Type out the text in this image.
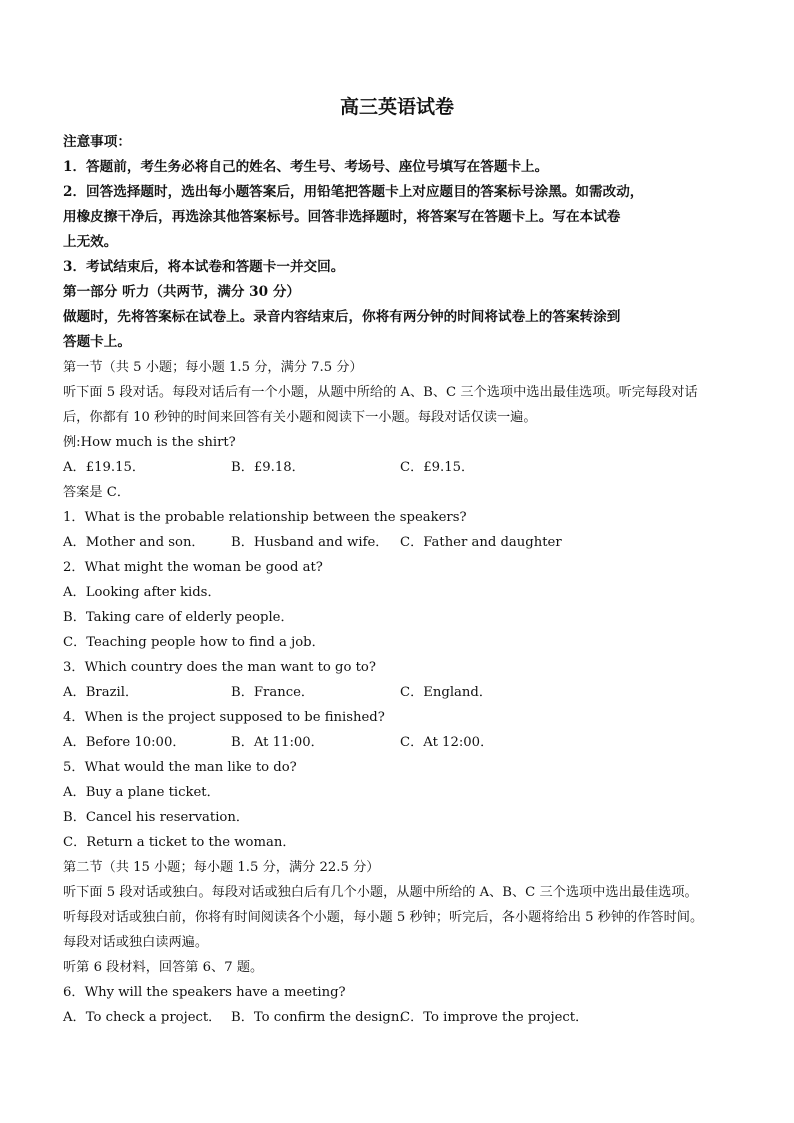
高三英语试卷
注意事项：
1．答题前，考生务必将自己的姓名、考生号、考场号、座位号填写在答题卡上。
2．回答选择题时，选出每小题答案后，用铅笔把答题卡上对应题目的答案标号涂黑。如需改动，
用橡皮擦干净后，再选涂其他答案标号。回答非选择题时，将答案写在答题卡上。写在本试卷
上无效。
3．考试结束后，将本试卷和答题卡一并交回。
第一部分 听力（共两节，满分 30 分）
做题时，先将答案标在试卷上。录音内容结束后，你将有两分钟的时间将试卷上的答案转涂到
答题卡上。
第一节（共 5 小题；每小题 1.5 分，满分 7.5 分）
听下面 5 段对话。每段对话后有一个小题，从题中所给的 A、B、C 三个选项中选出最佳选项。听完每段对话
后，你都有 10 秒钟的时间来回答有关小题和阅读下一小题。每段对话仅读一遍。
例:How much is the shirt?
A．£19.15．	B．£9.18．	C．£9.15．
答案是 C．
1．What is the probable relationship between the speakers?
A．Mother and son． B．Husband and wife． C．Father and daughter
2．What might the woman be good at?
A．Looking after kids．
B．Taking care of elderly people．
C．Teaching people how to find a job．
3．Which country does the man want to go to?
A．Brazil．	B．France．	C．England．
4．When is the project supposed to be finished?
A．Before 10:00．	B．At 11:00．	C．At 12:00．
5．What would the man like to do?
A．Buy a plane ticket．
B．Cancel his reservation．
C．Return a ticket to the woman．
第二节（共 15 小题；每小题 1.5 分，满分 22.5 分）
听下面 5 段对话或独白。每段对话或独白后有几个小题，从题中所给的 A、B、C 三个选项中选出最佳选项。
听每段对话或独白前，你将有时间阅读各个小题，每小题 5 秒钟；听完后，各小题将给出 5 秒钟的作答时间。
每段对话或独白读两遍。
听第 6 段材料，回答第 6、7 题。
6．Why will the speakers have a meeting?
A．To check a project． B．To confirm the design．
C．To improve the project．
